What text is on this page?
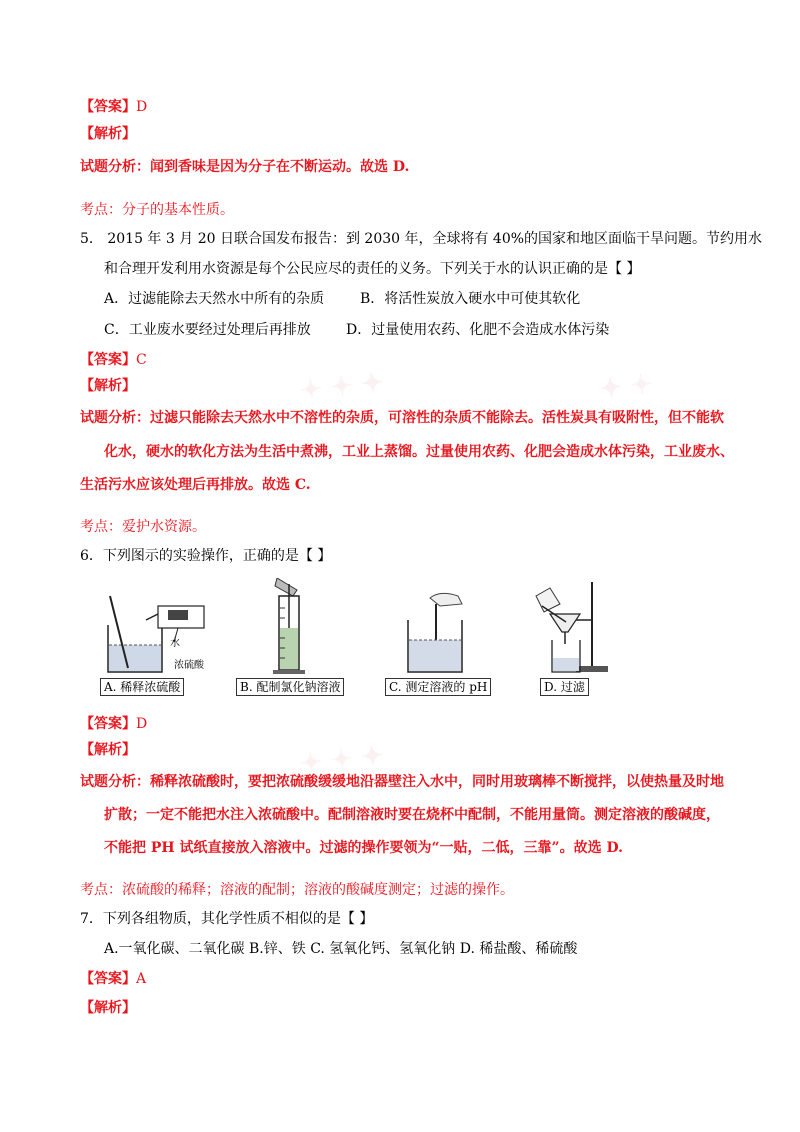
✦ ✦ ✦	✦ ✦
✦ ✦ ✦
【答案】D
【解析】
试题分析：闻到香味是因为分子在不断运动。故选 D.
考点：分子的基本性质。
5． 2015 年 3 月 20 日联合国发布报告：到 2030 年，全球将有 40%的国家和地区面临干旱问题。节约用水
和合理开发利用水资源是每个公民应尽的责任的义务。下列关于水的认识正确的是【 】
A．过滤能除去天然水中所有的杂质	B．将活性炭放入硬水中可使其软化
C．工业废水要经过处理后再排放	D．过量使用农药、化肥不会造成水体污染
【答案】C
【解析】
试题分析：过滤只能除去天然水中不溶性的杂质，可溶性的杂质不能除去。活性炭具有吸附性，但不能软
化水，硬水的软化方法为生活中煮沸，工业上蒸馏。过量使用农药、化肥会造成水体污染，工业废水、
生活污水应该处理后再排放。故选 C.
考点：爱护水资源。
6．下列图示的实验操作，正确的是【 】
水
浓硫酸
A. 稀释浓硫酸	B. 配制氯化钠溶液	C. 测定溶液的 pH	D. 过滤
【答案】D
【解析】
试题分析：稀释浓硫酸时，要把浓硫酸缓缓地沿器壁注入水中，同时用玻璃棒不断搅拌，以使热量及时地
扩散；一定不能把水注入浓硫酸中。配制溶液时要在烧杯中配制，不能用量筒。测定溶液的酸碱度，
不能把 PH 试纸直接放入溶液中。过滤的操作要领为“一贴，二低，三靠”。故选 D.
考点：浓硫酸的稀释；溶液的配制；溶液的酸碱度测定；过滤的操作。
7．下列各组物质，其化学性质不相似的是【 】
A.一氧化碳、二氧化碳 B.锌、铁 C. 氢氧化钙、氢氧化钠 D. 稀盐酸、稀硫酸
【答案】A
【解析】
